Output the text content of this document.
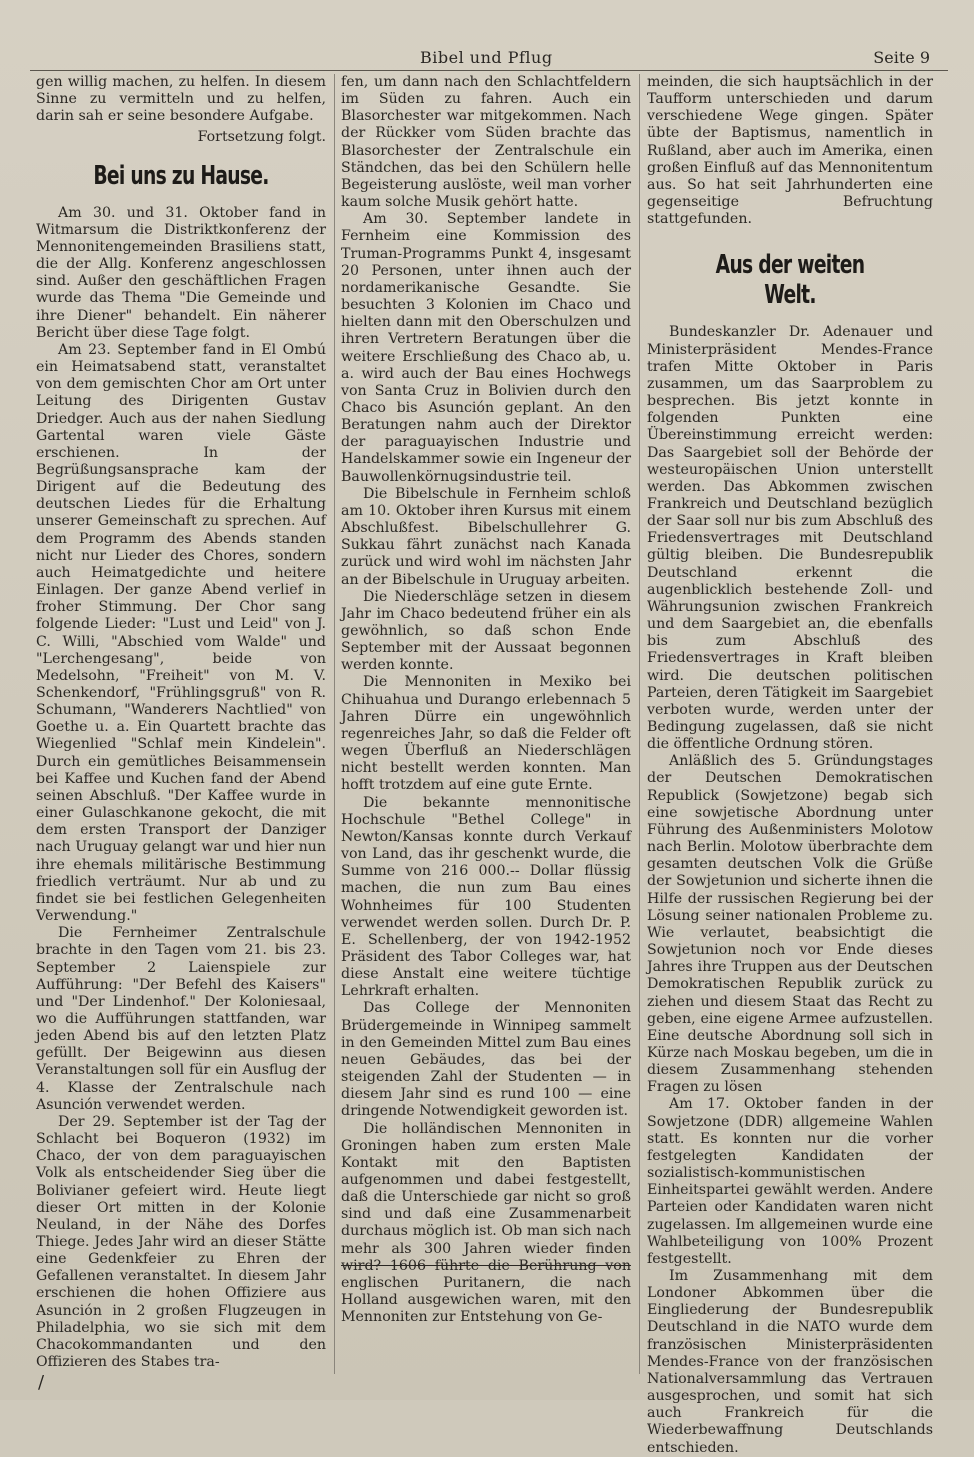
Bibel und Pflug	Seite 9

gen willig machen, zu helfen. In diesem Sinne zu vermitteln und zu helfen, darin sah er seine besondere Aufgabe.

Fortsetzung folgt.

Bei uns zu Hause.

Am 30. und 31. Oktober fand in Witmarsum die Distriktkonferenz der Mennonitengemeinden Brasiliens statt, die der Allg. Konferenz angeschlossen sind. Außer den geschäftlichen Fragen wurde das Thema "Die Gemeinde und ihre Diener" behandelt. Ein näherer Bericht über diese Tage folgt.

Am 23. September fand in El Ombú ein Heimatsabend statt, veranstaltet von dem gemischten Chor am Ort unter Leitung des Dirigenten Gustav Driedger. Auch aus der nahen Siedlung Gartental waren viele Gäste erschienen. In der Begrüßungsansprache kam der Dirigent auf die Bedeutung des deutschen Liedes für die Erhaltung unserer Gemeinschaft zu sprechen. Auf dem Programm des Abends standen nicht nur Lieder des Chores, sondern auch Heimatgedichte und heitere Einlagen. Der ganze Abend verlief in froher Stimmung. Der Chor sang folgende Lieder: "Lust und Leid" von J. C. Willi, "Abschied vom Walde" und "Lerchengesang", beide von Medelsohn, "Freiheit" von M. V. Schenkendorf, "Frühlingsgruß" von R. Schumann, "Wanderers Nachtlied" von Goethe u. a. Ein Quartett brachte das Wiegenlied "Schlaf mein Kindelein". Durch ein gemütliches Beisammensein bei Kaffee und Kuchen fand der Abend seinen Abschluß. "Der Kaffee wurde in einer Gulaschkanone gekocht, die mit dem ersten Transport der Danziger nach Uruguay gelangt war und hier nun ihre ehemals militärische Bestimmung friedlich verträumt. Nur ab und zu findet sie bei festlichen Gelegenheiten Verwendung."

Die Fernheimer Zentralschule brachte in den Tagen vom 21. bis 23. September 2 Laienspiele zur Aufführung: "Der Befehl des Kaisers" und "Der Lindenhof." Der Koloniesaal, wo die Aufführungen stattfanden, war jeden Abend bis auf den letzten Platz gefüllt. Der Beigewinn aus diesen Veranstaltungen soll für ein Ausflug der 4. Klasse der Zentralschule nach Asunción verwendet werden.

Der 29. September ist der Tag der Schlacht bei Boqueron (1932) im Chaco, der von dem paraguayischen Volk als entscheidender Sieg über die Bolivianer gefeiert wird. Heute liegt dieser Ort mitten in der Kolonie Neuland, in der Nähe des Dorfes Thiege. Jedes Jahr wird an dieser Stätte eine Gedenkfeier zu Ehren der Gefallenen veranstaltet. In diesem Jahr erschienen die hohen Offiziere aus Asunción in 2 großen Flugzeugen in Philadelphia, wo sie sich mit dem Chacokommandanten und den Offizieren des Stabes tra-

fen, um dann nach den Schlachtfeldern im Süden zu fahren. Auch ein Blasorchester war mitgekommen. Nach der Rückker vom Süden brachte das Blasorchester der Zentralschule ein Ständchen, das bei den Schülern helle Begeisterung auslöste, weil man vorher kaum solche Musik gehört hatte.

Am 30. September landete in Fernheim eine Kommission des Truman-Programms Punkt 4, insgesamt 20 Personen, unter ihnen auch der nordamerikanische Gesandte. Sie besuchten 3 Kolonien im Chaco und hielten dann mit den Oberschulzen und ihren Vertretern Beratungen über die weitere Erschließung des Chaco ab, u. a. wird auch der Bau eines Hochwegs von Santa Cruz in Bolivien durch den Chaco bis Asunción geplant. An den Beratungen nahm auch der Direktor der paraguayischen Industrie und Handelskammer sowie ein Ingeneur der Bauwollenkörnugsindustrie teil.

Die Bibelschule in Fernheim schloß am 10. Oktober ihren Kursus mit einem Abschlußfest. Bibelschullehrer G. Sukkau fährt zunächst nach Kanada zurück und wird wohl im nächsten Jahr an der Bibelschule in Uruguay arbeiten.

Die Niederschläge setzen in diesem Jahr im Chaco bedeutend früher ein als gewöhnlich, so daß schon Ende September mit der Aussaat begonnen werden konnte.

Die Mennoniten in Mexiko bei Chihuahua und Durango erlebennach 5 Jahren Dürre ein ungewöhnlich regenreiches Jahr, so daß die Felder oft wegen Überfluß an Niederschlägen nicht bestellt werden konnten. Man hofft trotzdem auf eine gute Ernte.

Die bekannte mennonitische Hochschule "Bethel College" in Newton/Kansas konnte durch Verkauf von Land, das ihr geschenkt wurde, die Summe von 216 000.-- Dollar flüssig machen, die nun zum Bau eines Wohnheimes für 100 Studenten verwendet werden sollen. Durch Dr. P. E. Schellenberg, der von 1942-1952 Präsident des Tabor Colleges war, hat diese Anstalt eine weitere tüchtige Lehrkraft erhalten.

Das College der Mennoniten Brüdergemeinde in Winnipeg sammelt in den Gemeinden Mittel zum Bau eines neuen Gebäudes, das bei der steigenden Zahl der Studenten — in diesem Jahr sind es rund 100 — eine dringende Notwendigkeit geworden ist.

Die holländischen Mennoniten in Groningen haben zum ersten Male Kontakt mit den Baptisten aufgenommen und dabei festgestellt, daß die Unterschiede gar nicht so groß sind und daß eine Zusammenarbeit durchaus möglich ist. Ob man sich nach mehr als 300 Jahren wieder finden wird? 1606 führte die Berührung von englischen Puritanern, die nach Holland ausgewichen waren, mit den Mennoniten zur Entstehung von Ge-

meinden, die sich hauptsächlich in der Taufform unterschieden und darum verschiedene Wege gingen. Später übte der Baptismus, namentlich in Rußland, aber auch im Amerika, einen großen Einfluß auf das Mennonitentum aus. So hat seit Jahrhunderten eine gegenseitige Befruchtung stattgefunden.

Aus der weiten Welt.

Bundeskanzler Dr. Adenauer und Ministerpräsident Mendes-France trafen Mitte Oktober in Paris zusammen, um das Saarproblem zu besprechen. Bis jetzt konnte in folgenden Punkten eine Übereinstimmung erreicht werden: Das Saargebiet soll der Behörde der westeuropäischen Union unterstellt werden. Das Abkommen zwischen Frankreich und Deutschland bezüglich der Saar soll nur bis zum Abschluß des Friedensvertrages mit Deutschland gültig bleiben. Die Bundesrepublik Deutschland erkennt die augenblicklich bestehende Zoll- und Währungsunion zwischen Frankreich und dem Saargebiet an, die ebenfalls bis zum Abschluß des Friedensvertrages in Kraft bleiben wird. Die deutschen politischen Parteien, deren Tätigkeit im Saargebiet verboten wurde, werden unter der Bedingung zugelassen, daß sie nicht die öffentliche Ordnung stören.

Anläßlich des 5. Gründungstages der Deutschen Demokratischen Republick (Sowjetzone) begab sich eine sowjetische Abordnung unter Führung des Außenministers Molotow nach Berlin. Molotow überbrachte dem gesamten deutschen Volk die Grüße der Sowjetunion und sicherte ihnen die Hilfe der russischen Regierung bei der Lösung seiner nationalen Probleme zu. Wie verlautet, beabsichtigt die Sowjetunion noch vor Ende dieses Jahres ihre Truppen aus der Deutschen Demokratischen Republik zurück zu ziehen und diesem Staat das Recht zu geben, eine eigene Armee aufzustellen. Eine deutsche Abordnung soll sich in Kürze nach Moskau begeben, um die in diesem Zusammenhang stehenden Fragen zu lösen

Am 17. Oktober fanden in der Sowjetzone (DDR) allgemeine Wahlen statt. Es konnten nur die vorher festgelegten Kandidaten der sozialistisch-kommunistischen Einheitspartei gewählt werden. Andere Parteien oder Kandidaten waren nicht zugelassen. Im allgemeinen wurde eine Wahlbeteiligung von 100% Prozent festgestellt.

Im Zusammenhang mit dem Londoner Abkommen über die Eingliederung der Bundesrepublik Deutschland in die NATO wurde dem französischen Ministerpräsidenten Mendes-France von der französischen Nationalversammlung das Vertrauen ausgesprochen, und somit hat sich auch Frankreich für die Wiederbewaffnung Deutschlands entschieden.

/
